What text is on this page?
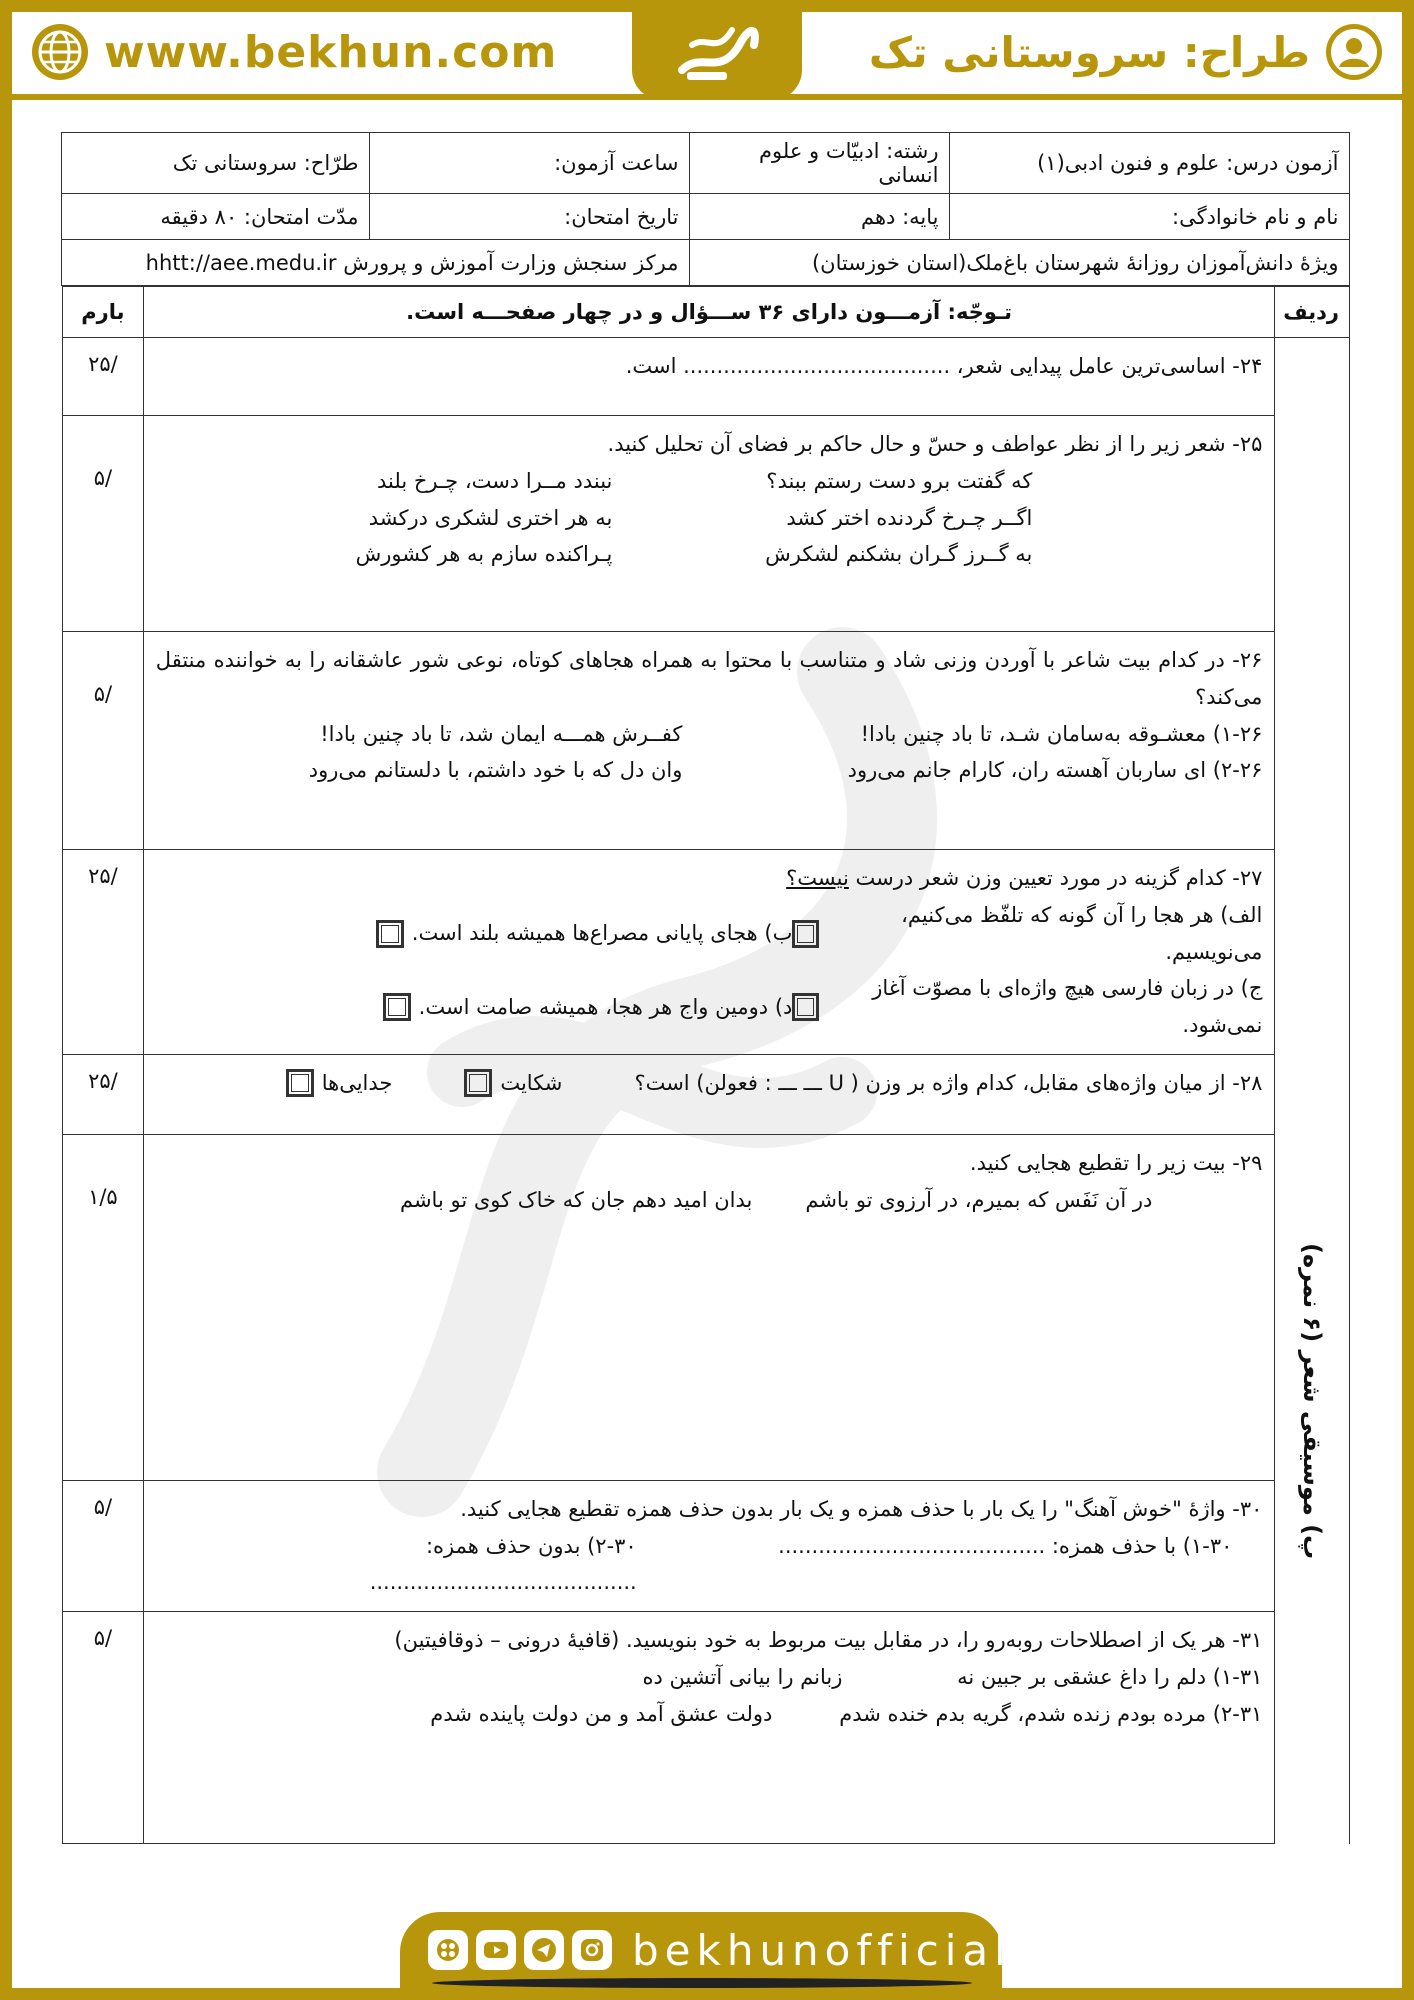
www.bekhun.com	طراح: سروستانی تک
آزمون درس: علوم و فنون ادبی(۱)	رشته: ادبیّات و علوم انسانی	ساعت آزمون:	طرّاح: سروستانی تک
نام و نام خانوادگی:	پایه: دهم	تاریخ امتحان:	مدّت امتحان: ۸۰ دقیقه
ویژهٔ دانش‌آموزان روزانهٔ شهرستان باغ‌ملک(استان خوزستان)	مرکز سنجش وزارت آموزش و پرورش hhtt://aee.medu.ir

ردیف	تـوجّه: آزمـــون دارای ۳۶ ســـؤال و در چهار صفحـــه است.	بارم

پ) موسیقی شعر (۶ نمره)
	۲۴- اساسی‌ترین عامل پیدایی شعر، ........................................ است.	/۲۵

۲۵- شعر زیر را از نظر عواطف و حسّ و حال حاکم بر فضای آن تحلیل کنید.
که گفتت برو دست رستم ببند؟
نبندد مــرا دست، چـرخ بلند
اگــر چـرخ گردنده اختر کشد
به هر اختری لشکری درکشد
به گــرز گـران بشکنم لشکرش
پـراکنده سازم به هر کشورش
	/۵

۲۶- در کدام بیت شاعر با آوردن وزنی شاد و متناسب با محتوا به همراه هجاهای کوتاه، نوعی شور عاشقانه را به خواننده منتقل می‌کند؟
۱-۲۶) معشـوقه به‌سامان شـد، تا باد چنین بادا!
کفــرش همـــه ایمان شد، تا باد چنین بادا!
۲-۲۶) ای ساربان آهسته ران، کارام جانم می‌رود
وان دل که با خود داشتم، با دلستانم می‌رود
	/۵

۲۷- کدام گزینه در مورد تعیین وزن شعر درست نیست؟
الف) هر هجا را آن گونه که تلفّظ می‌کنیم، می‌نویسیم.
ب) هجای پایانی مصراع‌ها همیشه بلند است.
ج) در زبان فارسی هیچ واژه‌ای با مصوّت آغاز نمی‌شود.
د) دومین واج هر هجا، همیشه صامت است.
	/۲۵

۲۸- از میان واژه‌های مقابل، کدام واژه بر وزن ( U ـــ ـــ : فعولن) است؟
شکایت
جدایی‌ها
	/۲۵

۲۹- بیت زیر را تقطیع هجایی کنید.
در آن نَفَس که بمیرم، در آرزوی تو باشم
بدان امید دهم جان که خاک کوی تو باشم
	۱/۵

۳۰- واژهٔ "خوش آهنگ" را یک بار با حذف همزه و یک بار بدون حذف همزه تقطیع هجایی کنید.
۱-۳۰) با حذف همزه: ........................................
۲-۳۰) بدون حذف همزه: ........................................
	/۵

۳۱- هر یک از اصطلاحات روبه‌رو را، در مقابل بیت مربوط به خود بنویسید. (قافیهٔ درونی – ذوقافیتین)
۱-۳۱) دلم را داغ عشقی بر جبین نه
زبانم را بیانی آتشین ده
۲-۳۱) مرده بودم زنده شدم، گریه بدم خنده شدم
دولت عشق آمد و من دولت پاینده شدم
	/۵
bekhunofficial
